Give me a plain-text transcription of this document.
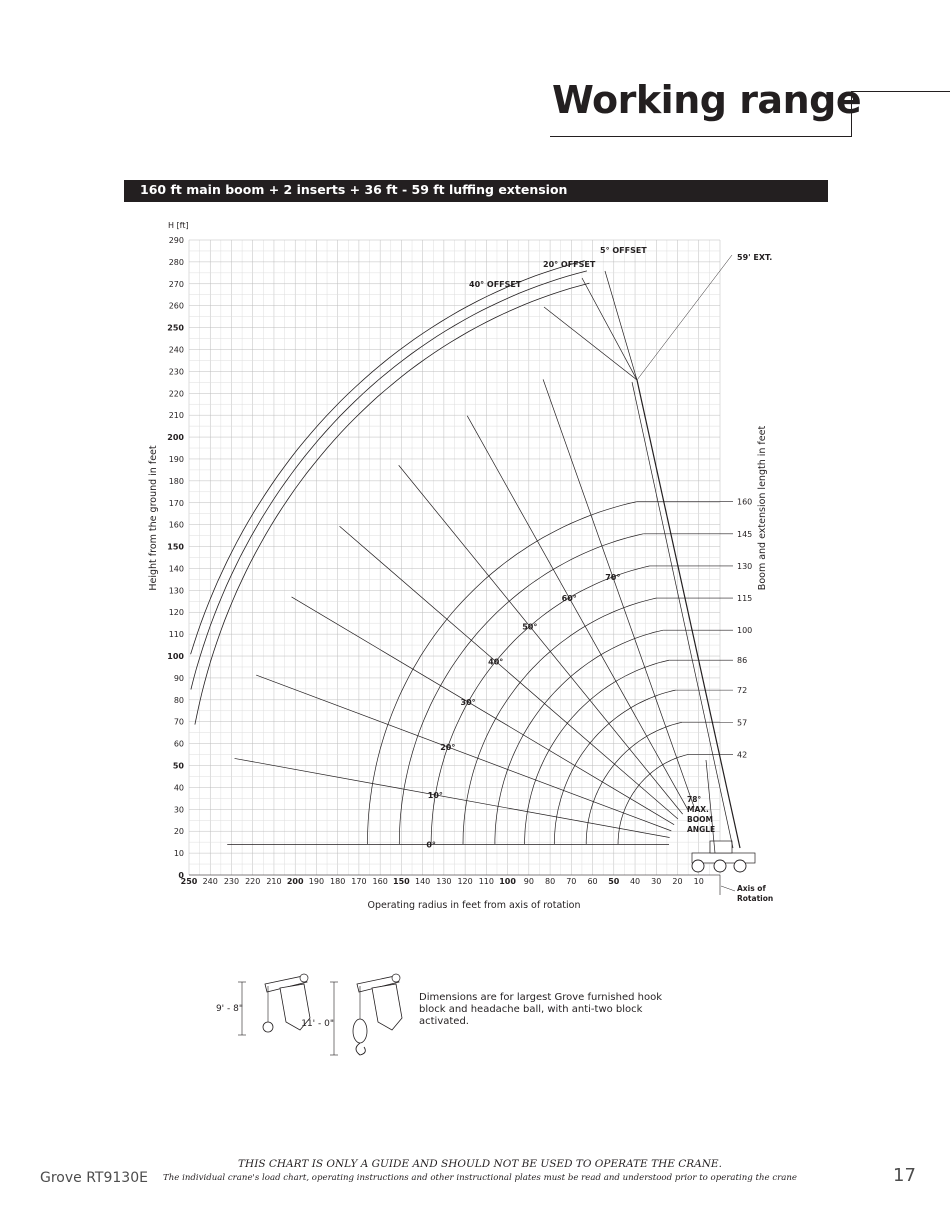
Working range
160 ft main boom + 2 inserts + 36 ft - 59 ft luffing extension
250 240 230 220 210 200 190 180 170 160 150 140 130 120 110 100 90 80 70 60 50 40 30 20 10
0
10
20
30
40
50
60
70
80
90
100
110
120
130
140
150
160
170
180
190
200
210
220
230
240
250
260
270
280
290
H [ft]
Operating radius in feet from axis of rotation
Height from the ground in feet	Boom and extension length in feet
42
57
72
86
100
115
130
145
160
0°
10°
20°
30°
40°
50°
60°
70°
59' EXT.
5° OFFSET
20° OFFSET
40° OFFSET
78°
MAX.
BOOM
ANGLE
Axis of
Rotation
9' - 8"
11' - 0"
Dimensions are for largest Grove furnished hook block and headache ball, with anti-two block activated.
THIS CHART IS ONLY A GUIDE AND SHOULD NOT BE USED TO OPERATE THE CRANE.
The individual crane's load chart, operating instructions and other instructional plates must be read and understood prior to operating the crane
Grove RT9130E	17
